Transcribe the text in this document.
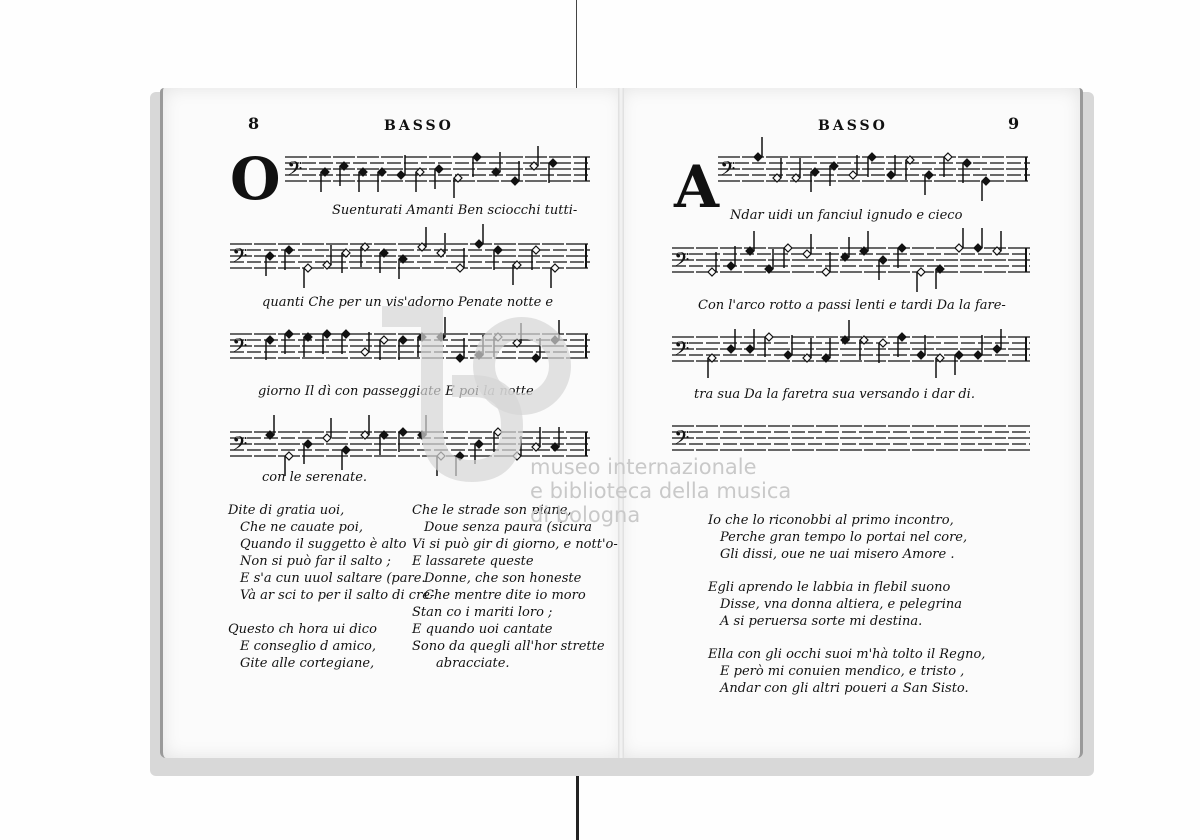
8	BASSO
O 𝄢
Suenturati Amanti Ben sciocchi tutti-
𝄢
quanti Che per un vis'adorno Penate notte e
𝄢
giorno Il dì con passeggiate E poi la notte
𝄢
con le serenate.
Dite di gratia uoi,
Che ne cauate poi,
Quando il suggetto è alto
Non si può far il salto ;
E s'a cun uuol saltare (pare.
Và ar sci to per il salto di cre-
Questo ch hora ui dico
E conseglio d amico,
Gite alle cortegiane,
Che le strade son piane,
Doue senza paura (sicura
Vi si può gir di giorno, e nott'o-
E lassarete queste
Donne, che son honeste
Che mentre dite io moro
Stan co i mariti loro ;
E quando uoi cantate
Sono da quegli all'hor strette
abracciate.
BASSO	9
A 𝄢
Ndar uidi un fanciul ignudo e cieco
𝄢
Con l'arco rotto a passi lenti e tardi Da la fare-
𝄢
tra sua Da la faretra sua versando i dar di.
𝄢
Io che lo riconobbi al primo incontro,
Perche gran tempo lo portai nel core,
Gli dissi, oue ne uai misero Amore .
Egli aprendo le labbia in flebil suono
Disse, vna donna altiera, e pelegrina
A si peruersa sorte mi destina.
Ella con gli occhi suoi m'hà tolto il Regno,
E però mi conuien mendico, e tristo ,
Andar con gli altri poueri a San Sisto.
museo internazionale
e biblioteca della musica
di bologna
